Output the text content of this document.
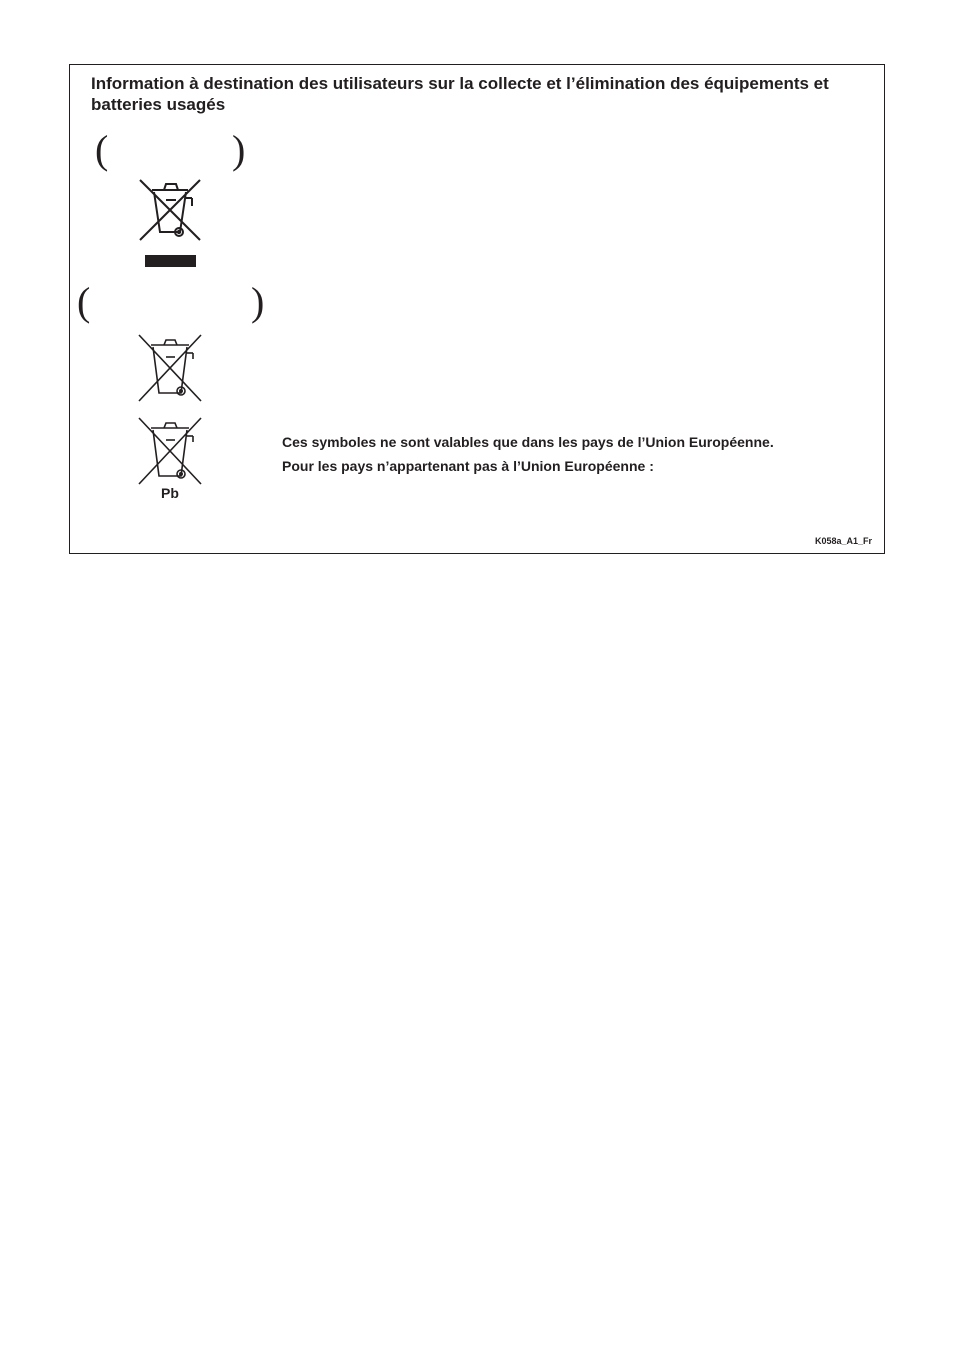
Information à destination des utilisateurs sur la collecte et l’élimination des équipements et batteries usagés
(	)
(	)
Pb

Ces symboles ne sont valables que dans les pays de l’Union Européenne.

Pour les pays n’appartenant pas à l’Union Européenne :

K058a_A1_Fr
